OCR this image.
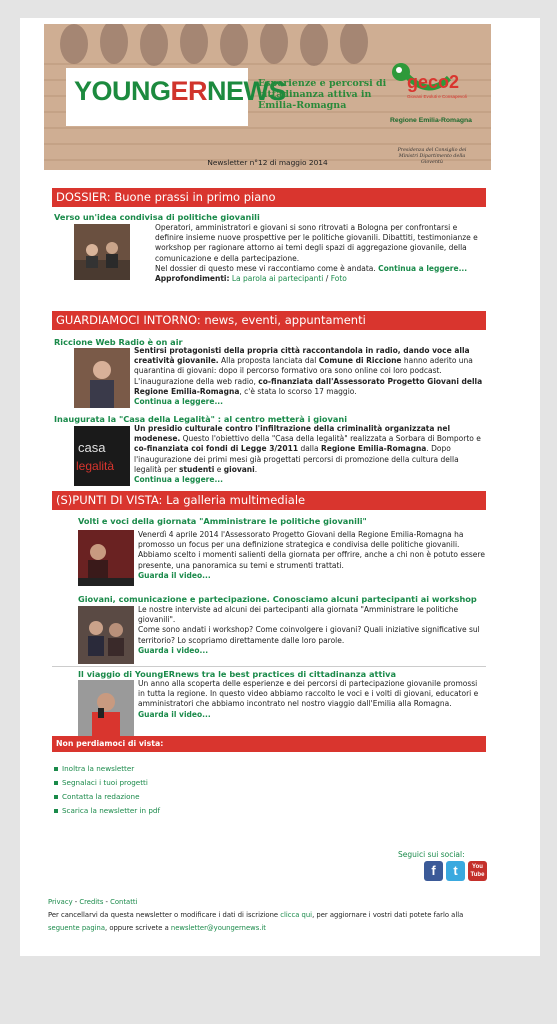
YOUNGERNEWS
Esperienze e percorsi di cittadinanza attiva in Emilia-Romagna
geco2
Giovani Evoluti e Consapevoli
Regione Emilia-Romagna
Presidenza del Consiglio dei Ministri Dipartimento della Gioventù
Newsletter n°12 di maggio 2014
DOSSIER: Buone prassi in primo piano
Verso un'idea condivisa di politiche giovanili
Operatori, amministratori e giovani si sono ritrovati a Bologna per confrontarsi e definire insieme nuove prospettive per le politiche giovanili. Dibattiti, testimonianze e workshop per ragionare attorno ai temi degli spazi di aggregazione giovanile, della comunicazione e della partecipazione.
Nel dossier di questo mese vi raccontiamo come è andata. Continua a leggere...
Approfondimenti: La parola ai partecipanti / Foto
GUARDIAMOCI INTORNO: news, eventi, appuntamenti
Riccione Web Radio è on air
Sentirsi protagonisti della propria città raccontandola in radio, dando voce alla creatività giovanile. Alla proposta lanciata dal Comune di Riccione hanno aderito una quarantina di giovani: dopo il percorso formativo ora sono online coi loro podcast. L'inaugurazione della web radio, co-finanziata dall'Assessorato Progetto Giovani della Regione Emilia-Romagna, c'è stata lo scorso 17 maggio.
Continua a leggere...
Inaugurata la "Casa della Legalità" : al centro metterà i giovani
casa
legalità
Un presidio culturale contro l'infiltrazione della criminalità organizzata nel modenese. Questo l'obiettivo della "Casa della legalità" realizzata a Sorbara di Bomporto e co-finanziata coi fondi di Legge 3/2011 dalla Regione Emilia-Romagna. Dopo l'inaugurazione dei primi mesi già progettati percorsi di promozione della cultura della legalità per studenti e giovani.
Continua a leggere...
(S)PUNTI DI VISTA: La galleria multimediale
Volti e voci della giornata "Amministrare le politiche giovanili"
Venerdì 4 aprile 2014 l'Assessorato Progetto Giovani della Regione Emilia-Romagna ha promosso un focus per una definizione strategica e condivisa delle politiche giovanili. Abbiamo scelto i momenti salienti della giornata per offrire, anche a chi non è potuto essere presente, una panoramica su temi e strumenti trattati.
Guarda il video...
Giovani, comunicazione e partecipazione. Conosciamo alcuni partecipanti ai workshop
Le nostre interviste ad alcuni dei partecipanti alla giornata "Amministrare le politiche giovanili".
Come sono andati i workshop? Come coinvolgere i giovani? Quali iniziative significative sul territorio? Lo scopriamo direttamente dalle loro parole.
Guarda i video...
Il viaggio di YoungERnews tra le best practices di cittadinanza attiva
Un anno alla scoperta delle esperienze e dei percorsi di partecipazione giovanile promossi in tutta la regione. In questo video abbiamo raccolto le voci e i volti di giovani, educatori e amministratori che abbiamo incontrato nel nostro viaggio dall'Emilia alla Romagna.
Guarda il video...
Non perdiamoci di vista:
Inoltra la newsletter
Segnalaci i tuoi progetti
Contatta la redazione
Scarica la newsletter in pdf
Seguici sui social:
f	t	You Tube
Privacy - Credits - Contatti
Per cancellarvi da questa newsletter o modificare i dati di iscrizione clicca qui, per aggiornare i vostri dati potete farlo alla
seguente pagina, oppure scrivete a newsletter@youngernews.it
